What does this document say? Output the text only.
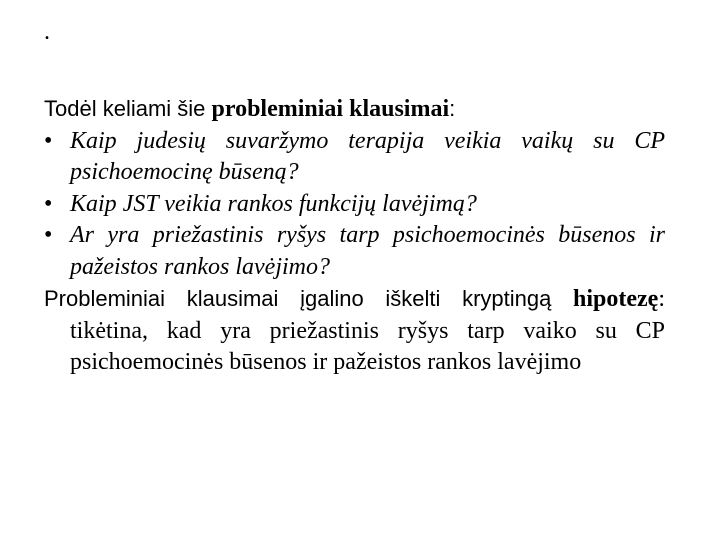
.

Todėl keliami šie probleminiai klausimai:

• Kaip judesių suvaržymo terapija veikia vaikų su CP psichoemocinę būseną?

• Kaip JST veikia rankos funkcijų lavėjimą?

• Ar yra priežastinis ryšys tarp psichoemocinės būsenos ir pažeistos rankos lavėjimo?

Probleminiai klausimai įgalino iškelti kryptingą hipotezę: tikėtina, kad yra priežastinis ryšys tarp vaiko su CP psichoemocinės būsenos ir pažeistos rankos lavėjimo
